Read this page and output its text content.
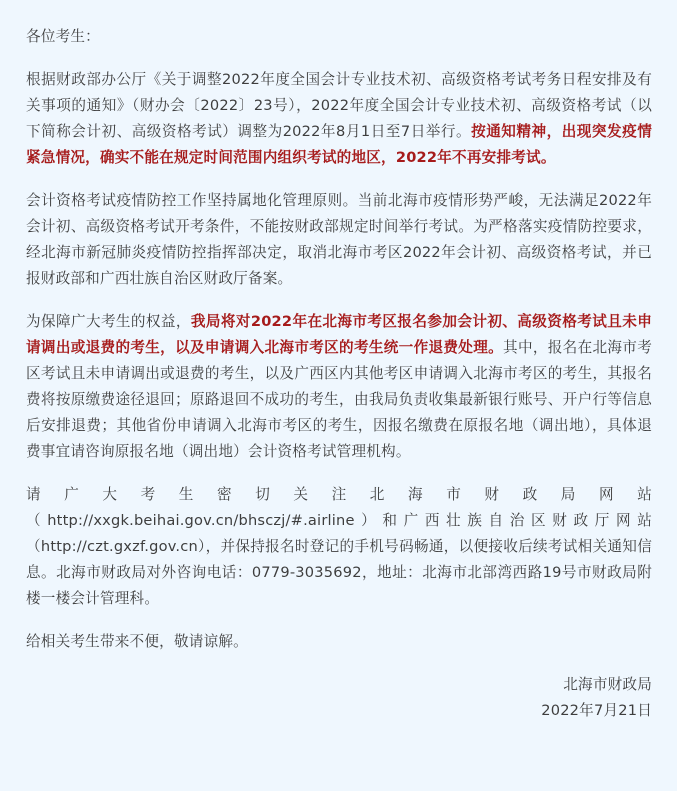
各位考生：

根据财政部办公厅《关于调整2022年度全国会计专业技术初、高级资格考试考务日程安排及有关事项的通知》（财办会〔2022〕23号），2022年度全国会计专业技术初、高级资格考试（以下简称会计初、高级资格考试）调整为2022年8月1日至7日举行。按通知精神，出现突发疫情紧急情况，确实不能在规定时间范围内组织考试的地区，2022年不再安排考试。

会计资格考试疫情防控工作坚持属地化管理原则。当前北海市疫情形势严峻，无法满足2022年会计初、高级资格考试开考条件，不能按财政部规定时间举行考试。为严格落实疫情防控要求，经北海市新冠肺炎疫情防控指挥部决定，取消北海市考区2022年会计初、高级资格考试，并已报财政部和广西壮族自治区财政厅备案。

为保障广大考生的权益，我局将对2022年在北海市考区报名参加会计初、高级资格考试且未申请调出或退费的考生，以及申请调入北海市考区的考生统一作退费处理。其中，报名在北海市考区考试且未申请调出或退费的考生，以及广西区内其他考区申请调入北海市考区的考生，其报名费将按原缴费途径退回；原路退回不成功的考生，由我局负责收集最新银行账号、开户行等信息后安排退费；其他省份申请调入北海市考区的考生，因报名缴费在原报名地（调出地），具体退费事宜请咨询原报名地（调出地）会计资格考试管理机构。

请广大考生密切关注北海市财政局网站

（http://xxgk.beihai.gov.cn/bhsczj/#.airline）和广西壮族自治区财政厅网站（http://czt.gxzf.gov.cn），并保持报名时登记的手机号码畅通，以便接收后续考试相关通知信息。北海市财政局对外咨询电话：0779-3035692，地址：北海市北部湾西路19号市财政局附楼一楼会计管理科。

给相关考生带来不便，敬请谅解。

北海市财政局

2022年7月21日
